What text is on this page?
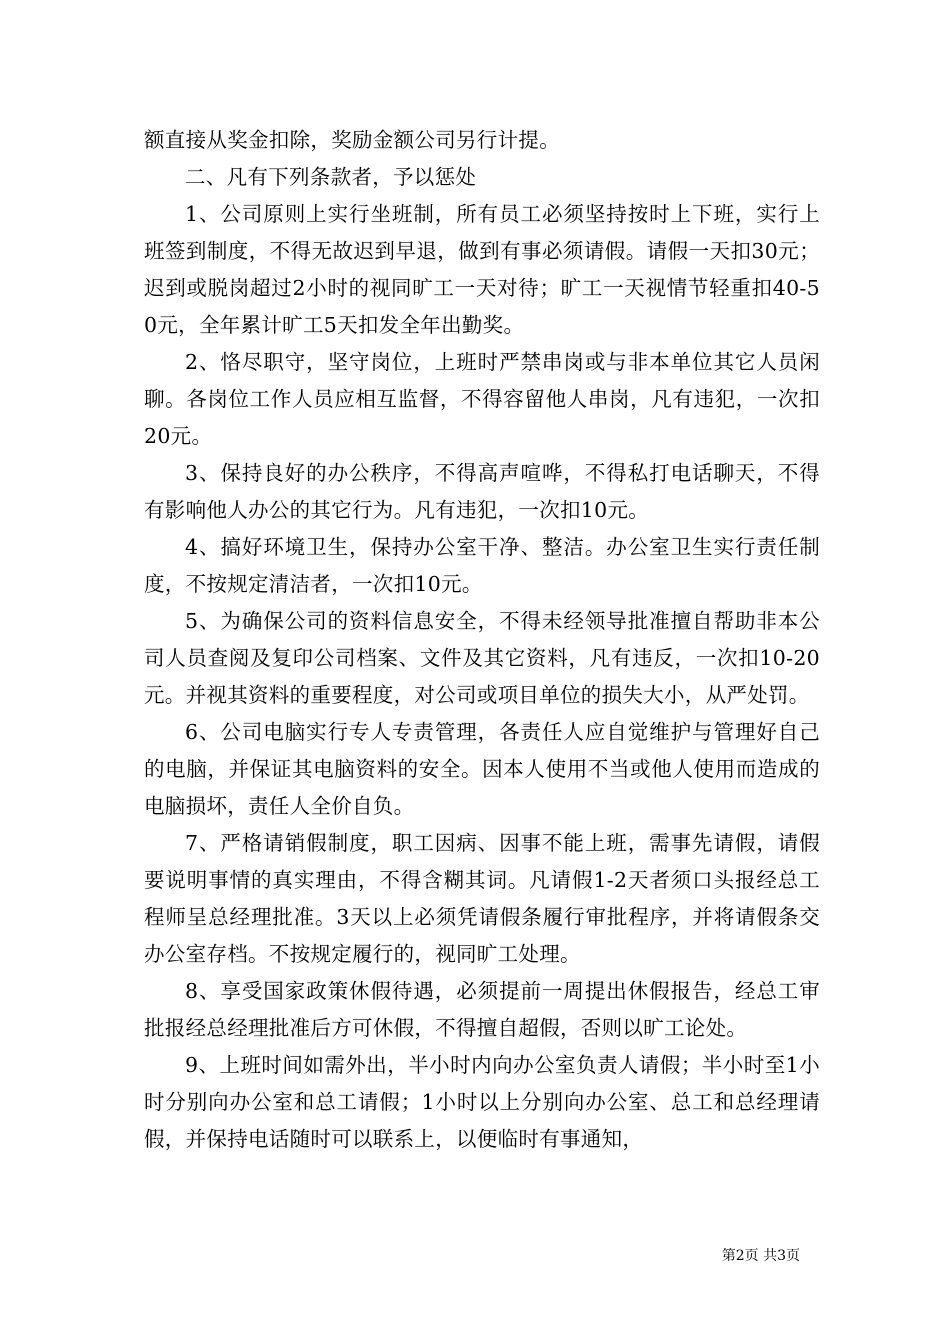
额直接从奖金扣除，奖励金额公司另行计提。

二、凡有下列条款者，予以惩处

1、公司原则上实行坐班制，所有员工必须坚持按时上下班，实行上班签到制度，不得无故迟到早退，做到有事必须请假。请假一天扣30元；迟到或脱岗超过2小时的视同旷工一天对待；旷工一天视情节轻重扣40-50元，全年累计旷工5天扣发全年出勤奖。

2、恪尽职守，坚守岗位，上班时严禁串岗或与非本单位其它人员闲聊。各岗位工作人员应相互监督，不得容留他人串岗，凡有违犯，一次扣20元。

3、保持良好的办公秩序，不得高声喧哗，不得私打电话聊天，不得有影响他人办公的其它行为。凡有违犯，一次扣10元。

4、搞好环境卫生，保持办公室干净、整洁。办公室卫生实行责任制度，不按规定清洁者，一次扣10元。

5、为确保公司的资料信息安全，不得未经领导批准擅自帮助非本公司人员查阅及复印公司档案、文件及其它资料，凡有违反，一次扣10-20元。并视其资料的重要程度，对公司或项目单位的损失大小，从严处罚。

6、公司电脑实行专人专责管理，各责任人应自觉维护与管理好自己的电脑，并保证其电脑资料的安全。因本人使用不当或他人使用而造成的电脑损坏，责任人全价自负。

7、严格请销假制度，职工因病、因事不能上班，需事先请假，请假要说明事情的真实理由，不得含糊其词。凡请假1-2天者须口头报经总工程师呈总经理批准。3天以上必须凭请假条履行审批程序，并将请假条交办公室存档。不按规定履行的，视同旷工处理。

8、享受国家政策休假待遇，必须提前一周提出休假报告，经总工审批报经总经理批准后方可休假，不得擅自超假，否则以旷工论处。

9、上班时间如需外出，半小时内向办公室负责人请假；半小时至1小时分别向办公室和总工请假；1小时以上分别向办公室、总工和总经理请假，并保持电话随时可以联系上，以便临时有事通知，

第2页 共3页
